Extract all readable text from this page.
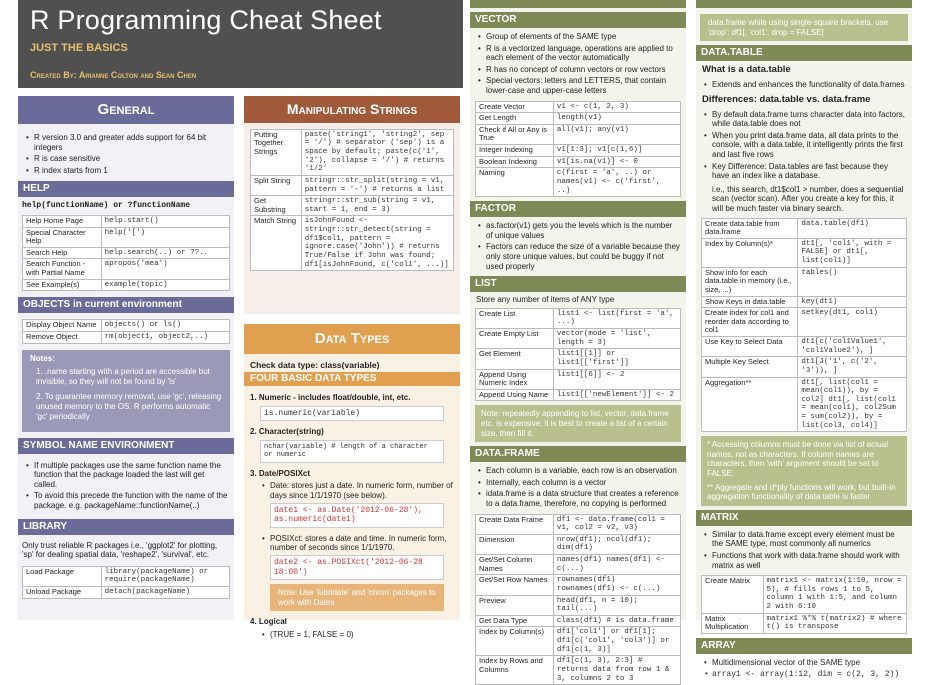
R Programming Cheat Sheet
JUST THE BASICS
Created By: Arianne Colton and Sean Chen
General
• R version 3.0 and greater adds support for 64 bit integers
• R is case sensitive
• R index starts from 1
HELP
help(functionName) or ?functionName
Help Home Page	help.start()
Special Character Help	help('[')
Search Help	help.search(..) or ??..
Search Function - with Partial Name	apropos('mea')
See Example(s)	example(topic)
OBJECTS in current environment
Display Object Name	objects() or ls()
Remove Object	rm(object1, object2,..)
Notes:
1. .name starting with a period are accessible but invisible, so they will not be found by 'ls'
2. To guarantee memory removal, use 'gc', releasing unused memory to the OS. R performs automatic 'gc' periodically
SYMBOL NAME ENVIRONMENT
• If multiple packages use the same function name the function that the package loaded the last will get called.
• To avoid this precede the function with the name of the package. e.g. packageName::functionName(..)
LIBRARY
Only trust reliable R packages i.e., 'ggplot2' for plotting, 'sp' for dealing spatial data, 'reshape2', 'survival', etc.
Load Package	library(packageName) or require(packageName)
Unload Package	detach(packageName)
Manipulating Strings
Putting Together Strings	paste('string1', 'string2', sep = '/') # separator ('sep') is a space by default; paste(c('1', '2'), collapse = '/') # returns '1/2'
Split String	stringr::str_split(string = v1, pattern = '-') # returns a list
Get Substring	stringr::str_sub(string = v1, start = 1, end = 3)
Match String	isJohnFound <- stringr::str_detect(string = df1$col1, pattern = ignore.case('John')) # returns True/False if John was found; df1[isJohnFound, c('col1', ...)]
Data Types
Check data type: class(variable)
FOUR BASIC DATA TYPES
1. Numeric - includes float/double, int, etc.
is.numeric(variable)
2. Character(string)
nchar(variable) # length of a character or numeric
3. Date/POSIXct
• Date: stores just a date. In numeric form, number of days since 1/1/1970 (see below).
date1 <- as.Date('2012-06-28'), as.numeric(date1)
• POSIXct: stores a date and time. In numeric form, number of seconds since 1/1/1970.
date2 <- as.POSIXct('2012-06-28 18:00')
Note: Use 'lubridate' and 'chron' packages to work with Dates
4. Logical
• (TRUE = 1, FALSE = 0)
VECTOR
• Group of elements of the SAME type
• R is a vectorized language, operations are applied to each element of the vector automatically
• R has no concept of column vectors or row vectors
• Special vectors: letters and LETTERS, that contain lower-case and upper-case letters
Create Vector	v1 <- c(1, 2, 3)
Get Length	length(v1)
Check if All or Any is True	all(v1); any(v1)
Integer Indexing	v1[1:3]; v1[c(1,6)]
Boolean Indexing	v1[is.na(v1)] <- 0
Naming	c(first = 'a', ..) or names(v1) <- c('first', ..)
FACTOR
• as.factor(v1) gets you the levels which is the number of unique values
• Factors can reduce the size of a variable because they only store unique values, but could be buggy if not used properly
LIST
Store any number of items of ANY type
Create List	list1 <- list(first = 'a', ...)
Create Empty List	vector(mode = 'list', length = 3)
Get Element	list1[[1]] or list1[['first']]
Append Using Numeric Index	list1[[6]] <- 2
Append Using Name	list1[['newElement']] <- 2
Note: repeatedly appending to list, vector, data.frame etc. is expensive, it is best to create a list of a certain size, then fill it.
DATA.FRAME
• Each column is a variable, each row is an observation
• Internally, each column is a vector
• idata.frame is a data structure that creates a reference to a data.frame, therefore, no copying is performed
Create Data Frame	df1 <- data.frame(col1 = v1, col2 = v2, v3)
Dimension	nrow(df1); ncol(df1); dim(df1)
Get/Set Column Names	names(df1) names(df1) <- c(...)
Get/Set Row Names	rownames(df1) rownames(df1) <- c(...)
Preview	head(df1, n = 10); tail(...)
Get Data Type	class(df1) # is data.frame
Index by Column(s)	df1['col1'] or df1[1]; df1[c('col1', 'col3')] or df1[c(1, 3)]
Index by Rows and Columns	df1[c(1, 3), 2:3] # returns data from row 1 & 3, columns 2 to 3
data.frame while using single-square brackets, use 'drop': df1[, 'col1', drop = FALSE]
DATA.TABLE
What is a data.table
• Extends and enhances the functionality of data.frames
Differences: data.table vs. data.frame
• By default data.frame turns character data into factors, while data.table does not
• When you print data.frame data, all data prints to the console, with a data.table, it intelligently prints the first and last five rows
• Key Difference: Data.tables are fast because they have an index like a database.
i.e., this search, dt1$col1 > number, does a sequential scan (vector scan). After you create a key for this, it will be much faster via binary search.
Create data.table from data.frame	data.table(df1)
Index by Column(s)*	dt1[, 'col1', with = FALSE] or dt1[, list(col1)]
Show info for each data.table in memory (i.e., size, ...)	tables()
Show Keys in data.table	key(dt1)
Create index for col1 and reorder data according to col1	setkey(dt1, col1)
Use Key to Select Data	dt1[c('col1Value1', 'col1Value2'), ]
Multiple Key Select	dt1[J('1', c('2', '3')), ]
Aggregation**	dt1[, list(col1 = mean(col1)), by = col2] dt1[, list(col1 = mean(col1), col2Sum = sum(col2)), by = list(col3, col4)]
* Accessing columns must be done via list of actual names, not as characters. If column names are characters, then 'with' argument should be set to FALSE.
** Aggregate and d*ply functions will work, but built-in aggregation functionality of data table is faster
MATRIX
• Similar to data.frame except every element must be the SAME type, most commonly all numerics
• Functions that work with data.frame should work with matrix as well
Create Matrix	matrix1 <- matrix(1:10, nrow = 5), # fills rows 1 to 5, column 1 with 1:5, and column 2 with 6:10
Matrix Multiplication	matrix1 %*% t(matrix2) # where t() is transpose
ARRAY
• Multidimensional vector of the SAME type
• array1 <- array(1:12, dim = c(2, 3, 2))
